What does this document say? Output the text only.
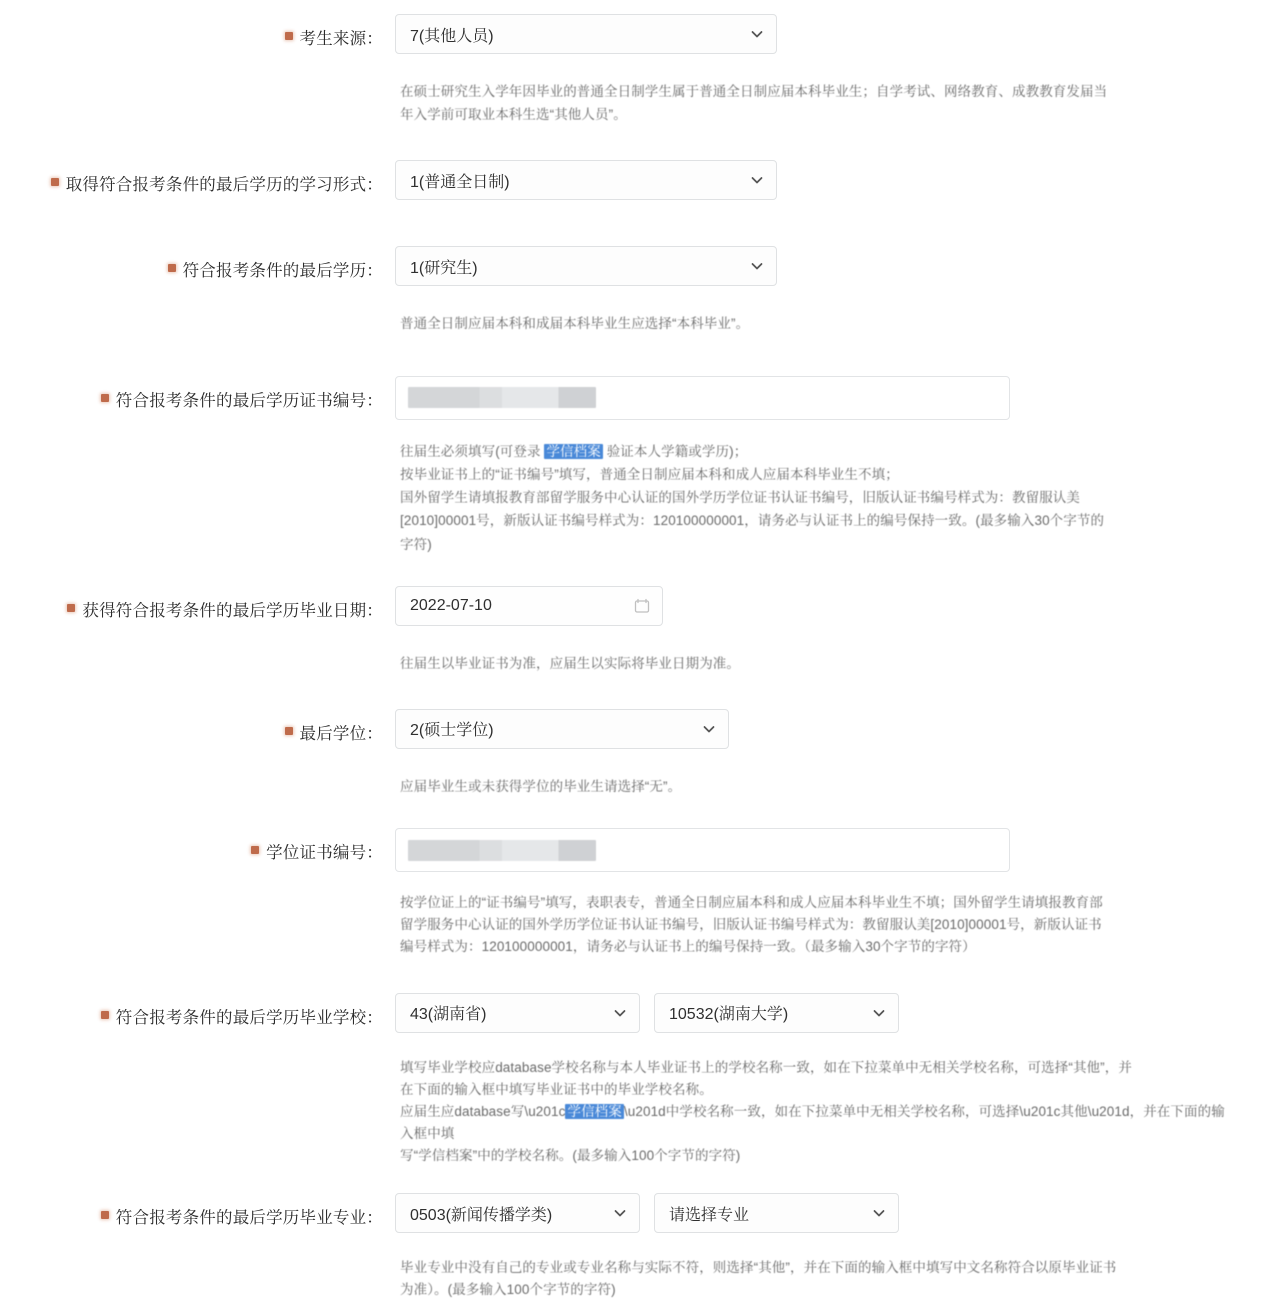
考生来源： 7(其他人员)

在硕士研究生入学年因毕业的普通全日制学生属于普通全日制应届本科毕业生；自学考试、网络教育、成教教育发届当

年入学前可取业本科生选“其他人员”。

取得符合报考条件的最后学历的学习形式： 1(普通全日制)
符合报考条件的最后学历： 1(研究生)

普通全日制应届本科和成届本科毕业生应选择“本科毕业”。

符合报考条件的最后学历证书编号：

往届生必须填写(可登录 学信档案 验证本人学籍或学历)；

按毕业证书上的“证书编号”填写，普通全日制应届本科和成人应届本科毕业生不填；

国外留学生请填报教育部留学服务中心认证的国外学历学位证书认证书编号，旧版认证书编号样式为：教留服认美

[2010]00001号，新版认证书编号样式为：120100000001，请务必与认证书上的编号保持一致。(最多输入30个字节的

字符)

获得符合报考条件的最后学历毕业日期： 2022-07-10

往届生以毕业证书为准，应届生以实际将毕业日期为准。

最后学位： 2(硕士学位)

应届毕业生或未获得学位的毕业生请选择“无”。

学位证书编号：

按学位证上的“证书编号”填写，表职表专，普通全日制应届本科和成人应届本科毕业生不填；国外留学生请填报教育部

留学服务中心认证的国外学历学位证书认证书编号，旧版认证书编号样式为：教留服认美[2010]00001号，新版认证书

编号样式为：120100000001，请务必与认证书上的编号保持一致。（最多输入30个字节的字符）

符合报考条件的最后学历毕业学校： 43(湖南省)	10532(湖南大学)

填写毕业学校应database学校名称与本人毕业证书上的学校名称一致，如在下拉菜单中无相关学校名称，可选择“其他”，并

在下面的输入框中填写毕业证书中的毕业学校名称。

应届生应database写\u201c 学信档案 \u201d中学校名称一致，如在下拉菜单中无相关学校名称，可选择\u201c其他\u201d，并在下面的输入框中填

写“学信档案”中的学校名称。(最多输入100个字节的字符)

符合报考条件的最后学历毕业专业： 0503(新闻传播学类)	请选择专业

毕业专业中没有自己的专业或专业名称与实际不符，则选择“其他”，并在下面的输入框中填写中文名称符合以原毕业证书

为准）。(最多输入100个字节的字符)
